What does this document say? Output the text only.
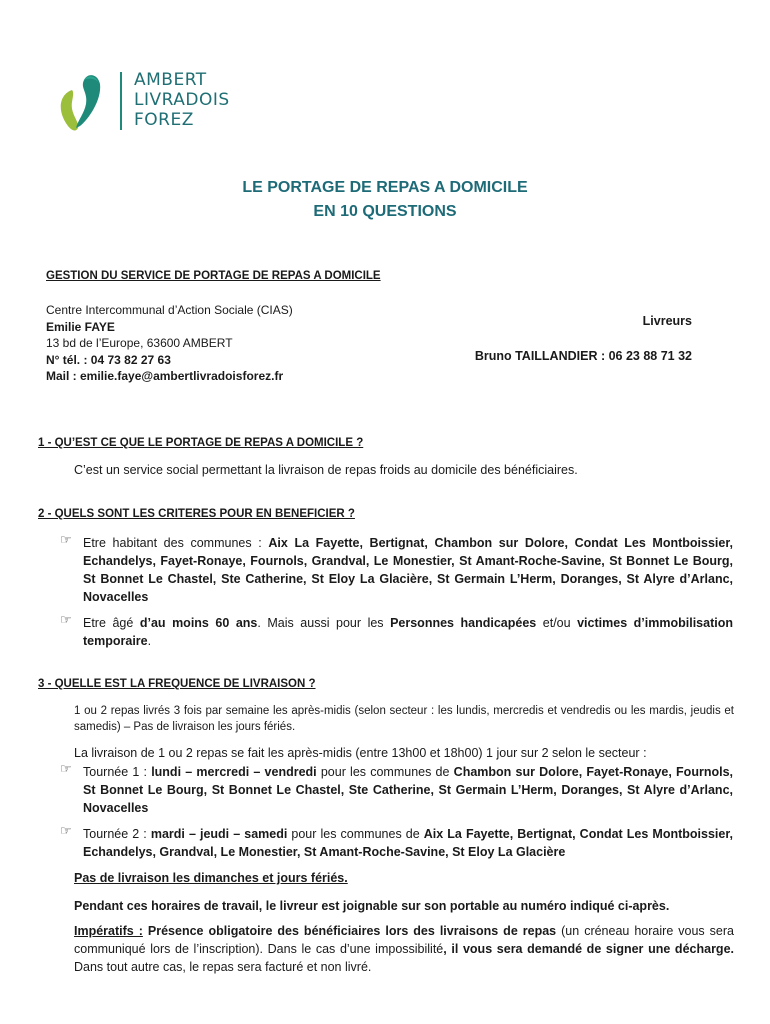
AMBERT
LIVRADOIS
FOREZ
LE PORTAGE DE REPAS A DOMICILE
EN 10 QUESTIONS
GESTION DU SERVICE DE PORTAGE DE REPAS A DOMICILE
Centre Intercommunal d’Action Sociale (CIAS)
Emilie FAYE
13 bd de l’Europe, 63600 AMBERT
N° tél. : 04 73 82 27 63
Mail : emilie.faye@ambertlivradoisforez.fr
Livreurs
Bruno TAILLANDIER : 06 23 88 71 32
1 - QU’EST CE QUE LE PORTAGE DE REPAS A DOMICILE ?
C’est un service social permettant la livraison de repas froids au domicile des bénéficiaires.
2 - QUELS SONT LES CRITERES POUR EN BENEFICIER ?
☞ Etre habitant des communes : Aix La Fayette, Bertignat, Chambon sur Dolore, Condat Les Montboissier, Echandelys, Fayet-Ronaye, Fournols, Grandval, Le Monestier, St Amant-Roche-Savine, St Bonnet Le Bourg, St Bonnet Le Chastel, Ste Catherine, St Eloy La Glacière, St Germain L’Herm, Doranges, St Alyre d’Arlanc, Novacelles
☞ Etre âgé d’au moins 60 ans. Mais aussi pour les Personnes handicapées et/ou victimes d’immobilisation temporaire.
3 - QUELLE EST LA FREQUENCE DE LIVRAISON ?
1 ou 2 repas livrés 3 fois par semaine les après-midis (selon secteur : les lundis, mercredis et vendredis ou les mardis, jeudis et samedis) – Pas de livraison les jours fériés.
La livraison de 1 ou 2 repas se fait les après-midis (entre 13h00 et 18h00) 1 jour sur 2 selon le secteur :
☞ Tournée 1 : lundi – mercredi – vendredi pour les communes de Chambon sur Dolore, Fayet-Ronaye, Fournols, St Bonnet Le Bourg, St Bonnet Le Chastel, Ste Catherine, St Germain L’Herm, Doranges, St Alyre d’Arlanc, Novacelles
☞ Tournée 2 : mardi – jeudi – samedi pour les communes de Aix La Fayette, Bertignat, Condat Les Montboissier, Echandelys, Grandval, Le Monestier, St Amant-Roche-Savine, St Eloy La Glacière
Pas de livraison les dimanches et jours fériés.
Pendant ces horaires de travail, le livreur est joignable sur son portable au numéro indiqué ci-après.
Impératifs : Présence obligatoire des bénéficiaires lors des livraisons de repas (un créneau horaire vous sera communiqué lors de l’inscription). Dans le cas d’une impossibilité, il vous sera demandé de signer une décharge. Dans tout autre cas, le repas sera facturé et non livré.
